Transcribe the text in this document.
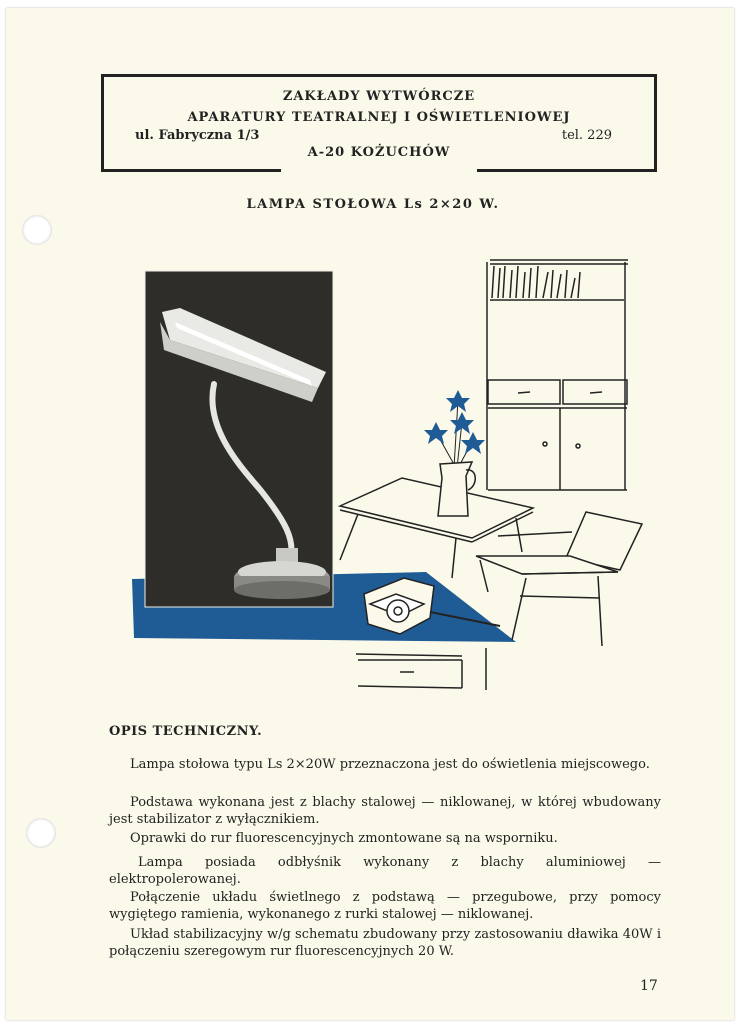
ZAKŁADY WYTWÓRCZE
APARATURY TEATRALNEJ I OŚWIETLENIOWEJ
ul. Fabryczna 1/3	tel. 229
A-20 KOŻUCHÓW
LAMPA STOŁOWA Ls 2×20 W.
OPIS TECHNICZNY.

Lampa stołowa typu Ls 2×20W przeznaczona jest do oświetlenia miejscowego.

Podstawa wykonana jest z blachy stalowej — niklowanej, w której wbudowany jest stabilizator z wyłącznikiem.

Oprawki do rur fluorescencyjnych zmontowane są na wsporniku.

Lampa posiada odbłyśnik wykonany z blachy aluminiowej — elektropolerowanej.

Połączenie układu świetlnego z podstawą — przegubowe, przy pomocy wygiętego ramienia, wykonanego z rurki stalowej — niklowanej.

Układ stabilizacyjny w/g schematu zbudowany przy zastosowaniu dławika 40W i połączeniu szeregowym rur fluorescencyjnych 20 W.

17
